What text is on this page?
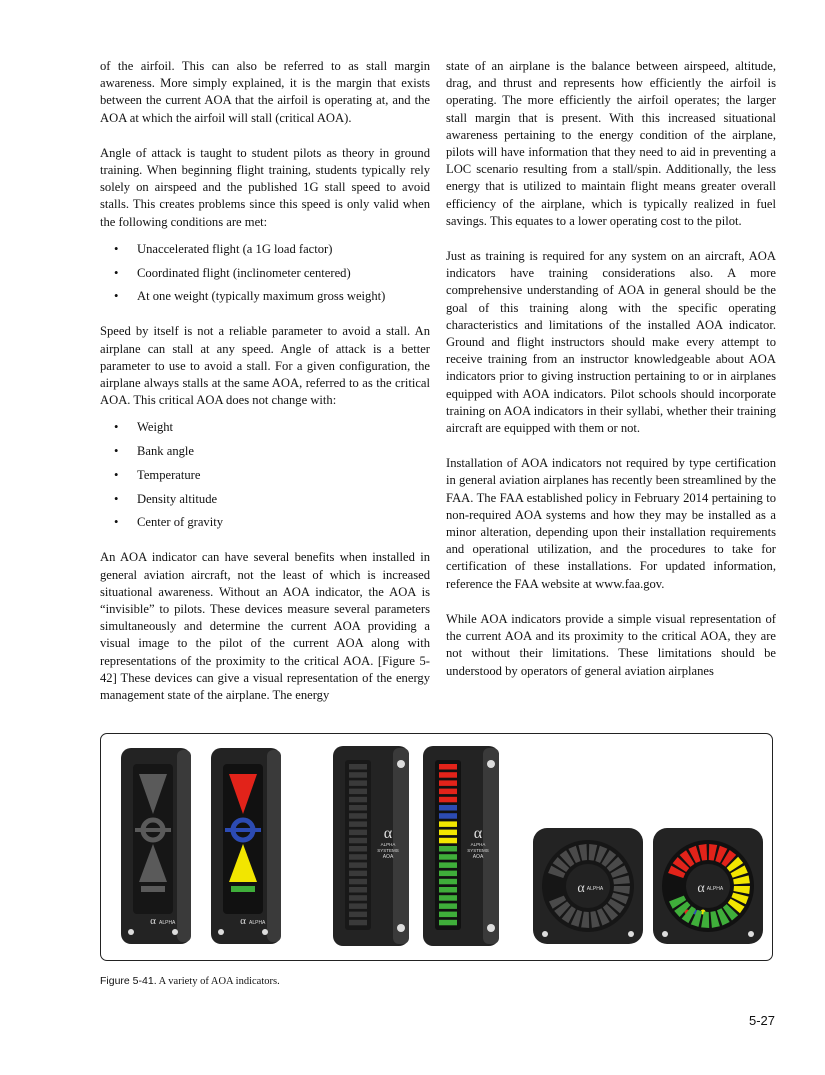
of the airfoil. This can also be referred to as stall margin awareness. More simply explained, it is the margin that exists between the current AOA that the airfoil is operating at, and the AOA at which the airfoil will stall (critical AOA).

Angle of attack is taught to student pilots as theory in ground training. When beginning flight training, students typically rely solely on airspeed and the published 1G stall speed to avoid stalls. This creates problems since this speed is only valid when the following conditions are met:

• Unaccelerated flight (a 1G load factor)
• Coordinated flight (inclinometer centered)
• At one weight (typically maximum gross weight)

Speed by itself is not a reliable parameter to avoid a stall. An airplane can stall at any speed. Angle of attack is a better parameter to use to avoid a stall. For a given configuration, the airplane always stalls at the same AOA, referred to as the critical AOA. This critical AOA does not change with:

• Weight
• Bank angle
• Temperature
• Density altitude
• Center of gravity

An AOA indicator can have several benefits when installed in general aviation aircraft, not the least of which is increased situational awareness. Without an AOA indicator, the AOA is “invisible” to pilots. These devices measure several parameters simultaneously and determine the current AOA providing a visual image to the pilot of the current AOA along with representations of the proximity to the critical AOA. [Figure 5-42] These devices can give a visual representation of the energy management state of the airplane. The energy

state of an airplane is the balance between airspeed, altitude, drag, and thrust and represents how efficiently the airfoil is operating. The more efficiently the airfoil operates; the larger stall margin that is present. With this increased situational awareness pertaining to the energy condition of the airplane, pilots will have information that they need to aid in preventing a LOC scenario resulting from a stall/spin. Additionally, the less energy that is utilized to maintain flight means greater overall efficiency of the airplane, which is typically realized in fuel savings. This equates to a lower operating cost to the pilot.

Just as training is required for any system on an aircraft, AOA indicators have training considerations also. A more comprehensive understanding of AOA in general should be the goal of this training along with the specific operating characteristics and limitations of the installed AOA indicator. Ground and flight instructors should make every attempt to receive training from an instructor knowledgeable about AOA indicators prior to giving instruction pertaining to or in airplanes equipped with AOA indicators. Pilot schools should incorporate training on AOA indicators in their syllabi, whether their training aircraft are equipped with them or not.

Installation of AOA indicators not required by type certification in general aviation airplanes has recently been streamlined by the FAA. The FAA established policy in February 2014 pertaining to non-required AOA systems and how they may be installed as a minor alteration, depending upon their installation requirements and operational utilization, and the procedures to take for certification of these installations. For updated information, reference the FAA website at www.faa.gov.

While AOA indicators provide a simple visual representation of the current AOA and its proximity to the critical AOA, they are not without their limitations. These limitations should be understood by operators of general aviation airplanes

α ALPHA	α ALPHA
α
ALPHA
SYSTEMS
AOA
α
ALPHA
SYSTEMS
AOA
α ALPHA	α ALPHA
Figure 5-41. A variety of AOA indicators.
5-27
